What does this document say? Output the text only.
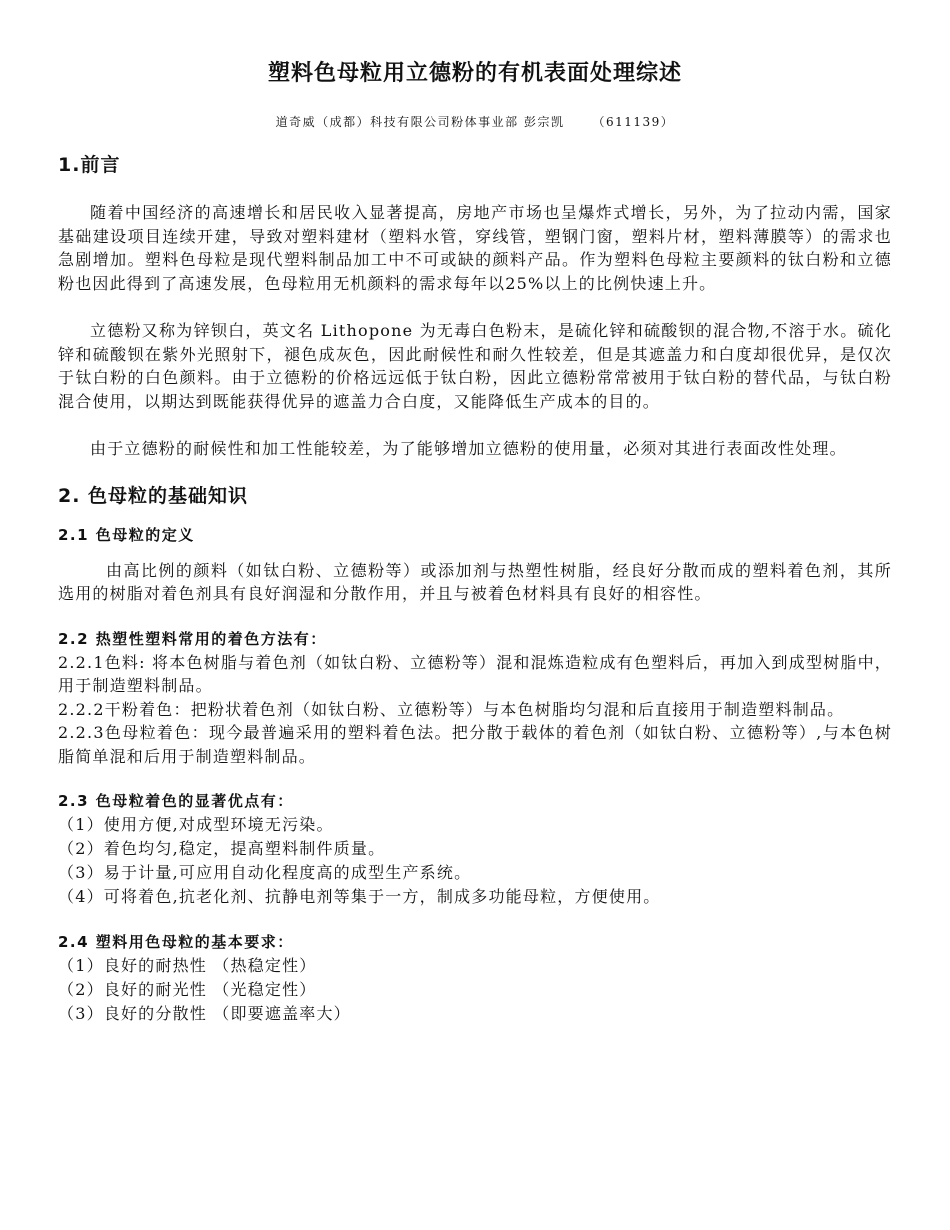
塑料色母粒用立德粉的有机表面处理综述
道奇威（成都）科技有限公司粉体事业部 彭宗凯 （611139）
1.前言

随着中国经济的高速增长和居民收入显著提高，房地产市场也呈爆炸式增长，另外，为了拉动内需，国家基础建设项目连续开建，导致对塑料建材（塑料水管，穿线管，塑钢门窗，塑料片材，塑料薄膜等）的需求也急剧增加。塑料色母粒是现代塑料制品加工中不可或缺的颜料产品。作为塑料色母粒主要颜料的钛白粉和立德粉也因此得到了高速发展，色母粒用无机颜料的需求每年以25%以上的比例快速上升。

立德粉又称为锌钡白，英文名 Lithopone 为无毒白色粉末，是硫化锌和硫酸钡的混合物,不溶于水。硫化锌和硫酸钡在紫外光照射下，褪色成灰色，因此耐候性和耐久性较差，但是其遮盖力和白度却很优异，是仅次于钛白粉的白色颜料。由于立德粉的价格远远低于钛白粉，因此立德粉常常被用于钛白粉的替代品，与钛白粉混合使用，以期达到既能获得优异的遮盖力合白度，又能降低生产成本的目的。

由于立德粉的耐候性和加工性能较差，为了能够增加立德粉的使用量，必须对其进行表面改性处理。

2. 色母粒的基础知识
2.1 色母粒的定义

由高比例的颜料（如钛白粉、立德粉等）或添加剂与热塑性树脂，经良好分散而成的塑料着色剂，其所选用的树脂对着色剂具有良好润湿和分散作用，并且与被着色材料具有良好的相容性。

2.2 热塑性塑料常用的着色方法有：

2.2.1色料: 将本色树脂与着色剂（如钛白粉、立德粉等）混和混炼造粒成有色塑料后，再加入到成型树脂中，用于制造塑料制品。

2.2.2干粉着色：把粉状着色剂（如钛白粉、立德粉等）与本色树脂均匀混和后直接用于制造塑料制品。

2.2.3色母粒着色：现今最普遍采用的塑料着色法。把分散于载体的着色剂（如钛白粉、立德粉等）,与本色树脂简单混和后用于制造塑料制品。

2.3 色母粒着色的显著优点有：

（1）使用方便,对成型环境无污染。

（2）着色均匀,稳定，提高塑料制件质量。

（3）易于计量,可应用自动化程度高的成型生产系统。

（4）可将着色,抗老化剂、抗静电剂等集于一方，制成多功能母粒，方便使用。

2.4 塑料用色母粒的基本要求：

（1）良好的耐热性 （热稳定性）

（2）良好的耐光性 （光稳定性）

（3）良好的分散性 （即要遮盖率大）
